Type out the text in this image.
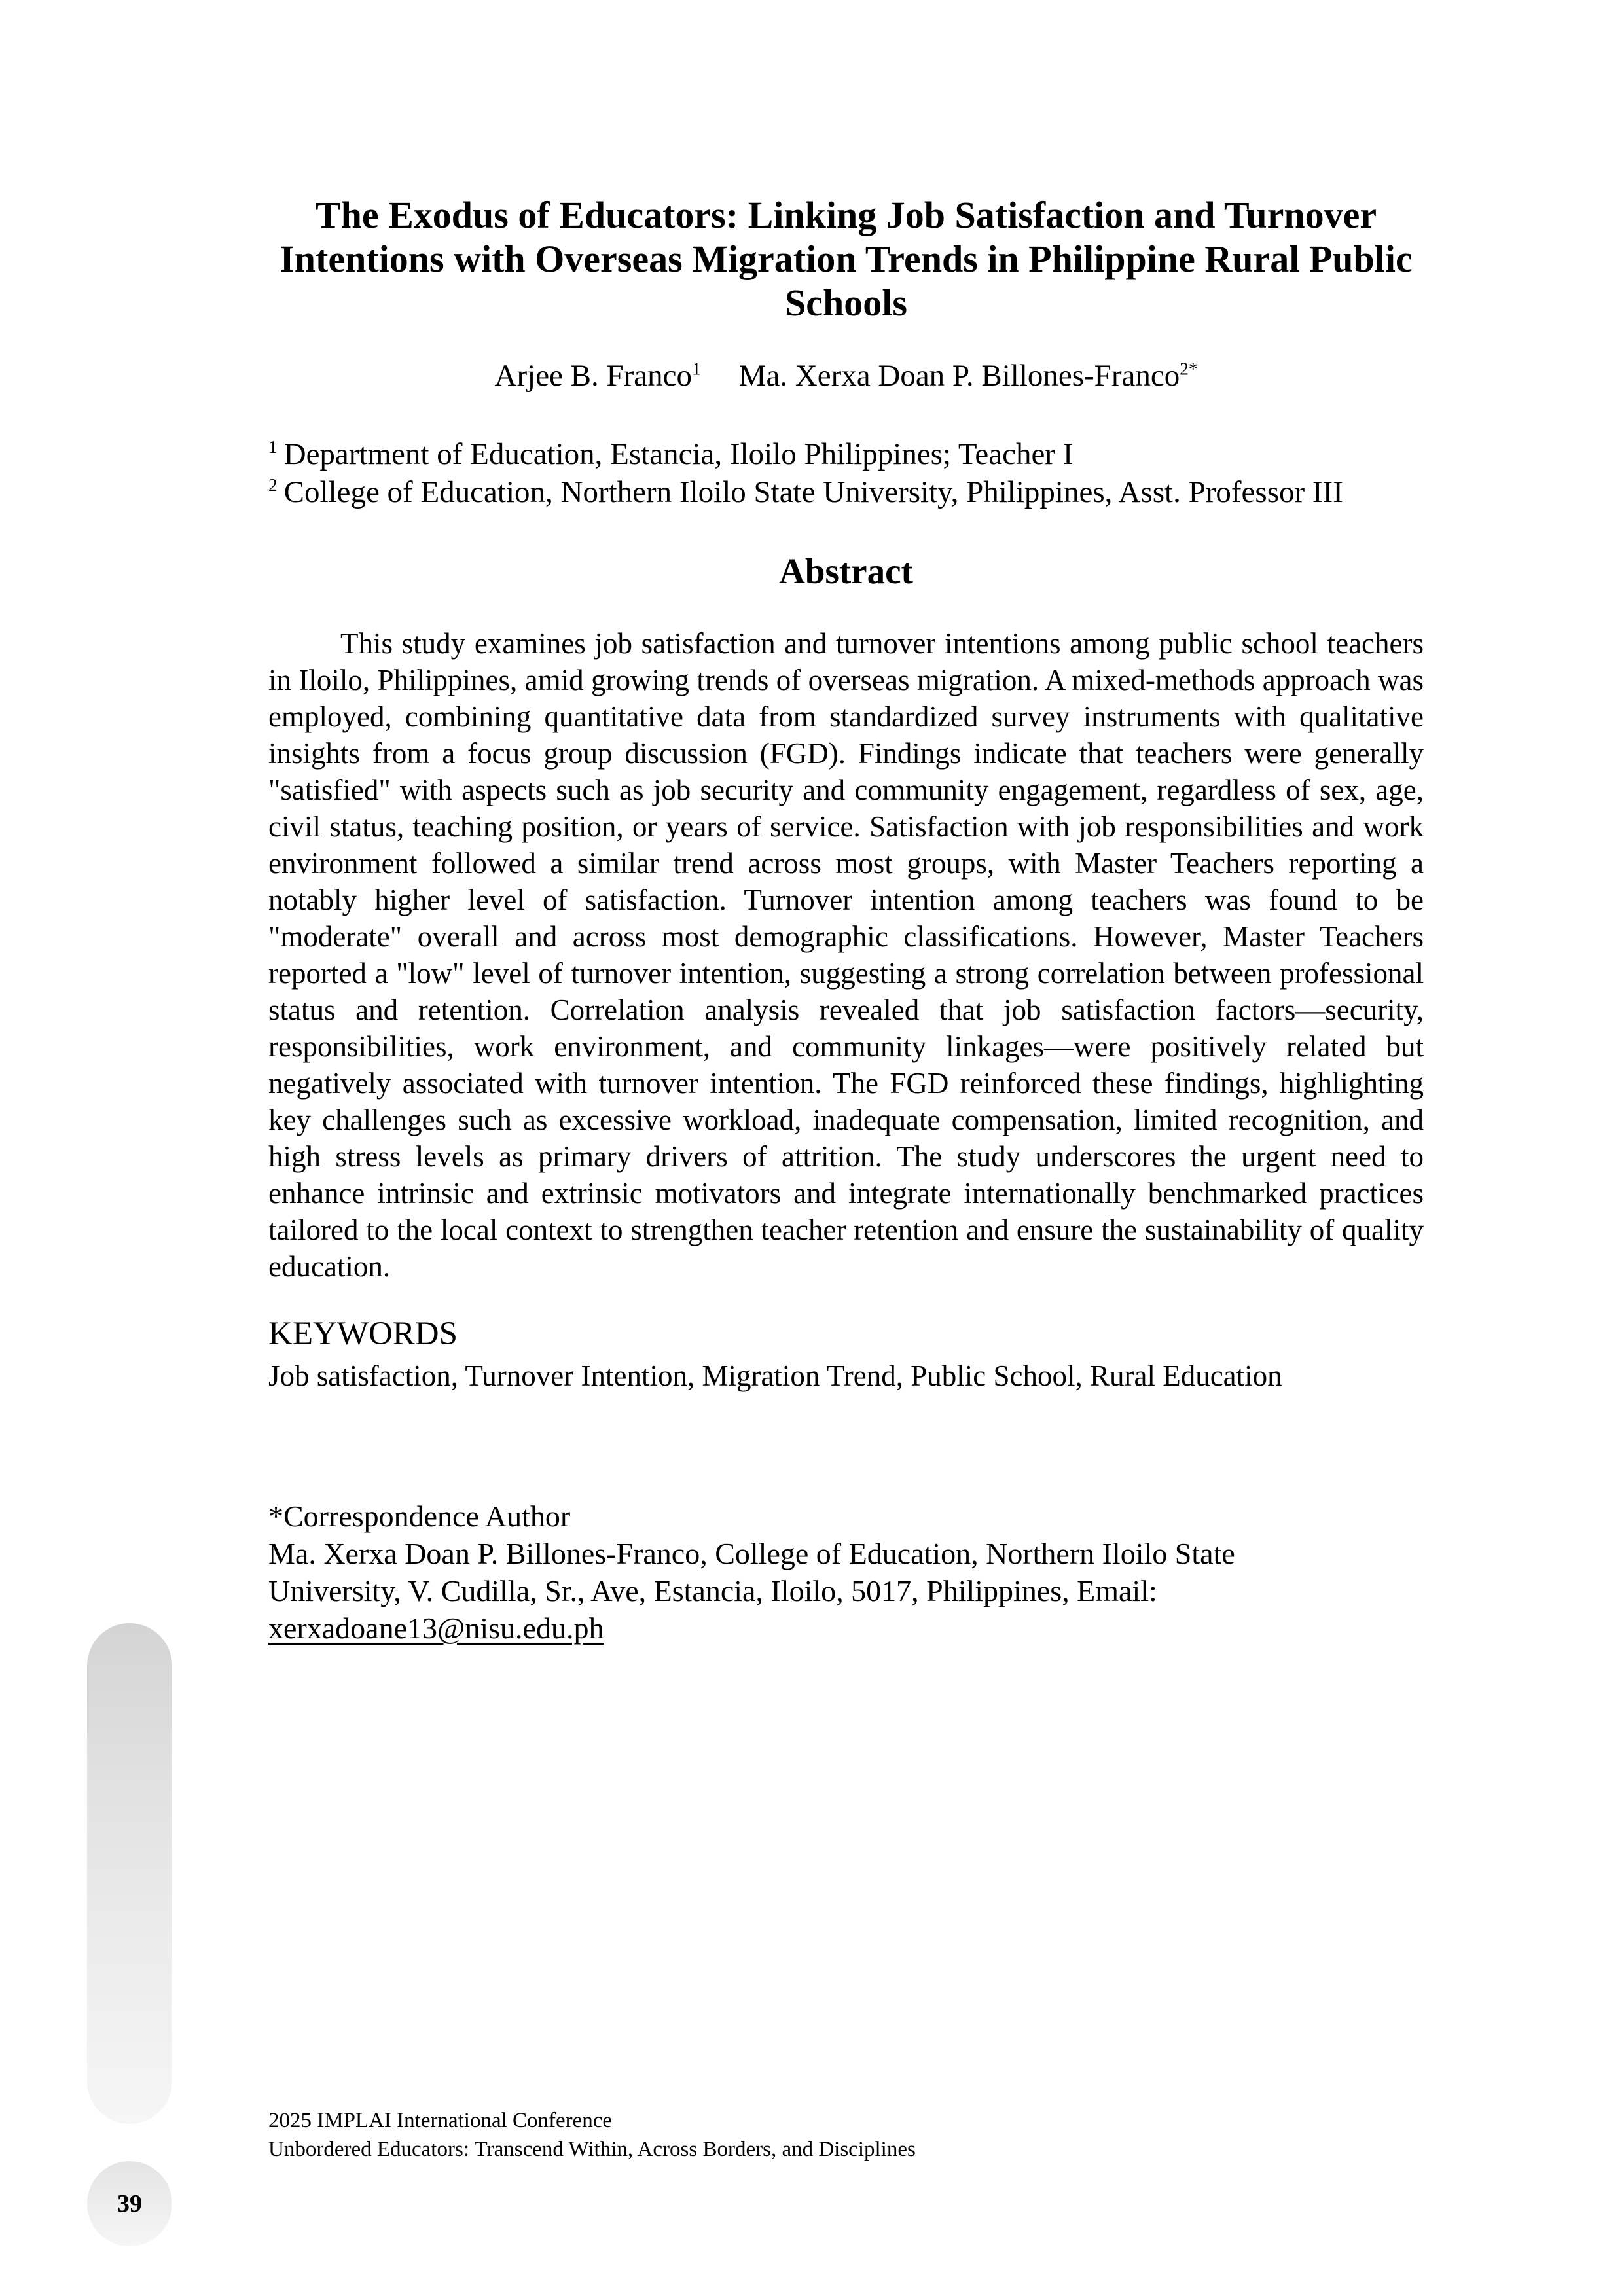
39
The Exodus of Educators: Linking Job Satisfaction and Turnover Intentions with Overseas Migration Trends in Philippine Rural Public Schools
Arjee B. Franco$^1$ Ma. Xerxa Doan P. Billones-Franco$^{2*}$
$^1$ Department of Education, Estancia, Iloilo Philippines; Teacher I
$^2$ College of Education, Northern Iloilo State University, Philippines, Asst. Professor III
Abstract

This study examines job satisfaction and turnover intentions among public school teachers in Iloilo, Philippines, amid growing trends of overseas migration. A mixed-methods approach was employed, combining quantitative data from standardized survey instruments with qualitative insights from a focus group discussion (FGD). Findings indicate that teachers were generally "satisfied" with aspects such as job security and community engagement, regardless of sex, age, civil status, teaching position, or years of service. Satisfaction with job responsibilities and work environment followed a similar trend across most groups, with Master Teachers reporting a notably higher level of satisfaction. Turnover intention among teachers was found to be "moderate" overall and across most demographic classifications. However, Master Teachers reported a "low" level of turnover intention, suggesting a strong correlation between professional status and retention. Correlation analysis revealed that job satisfaction factors—security, responsibilities, work environment, and community linkages—were positively related but negatively associated with turnover intention. The FGD reinforced these findings, highlighting key challenges such as excessive workload, inadequate compensation, limited recognition, and high stress levels as primary drivers of attrition. The study underscores the urgent need to enhance intrinsic and extrinsic motivators and integrate internationally benchmarked practices tailored to the local context to strengthen teacher retention and ensure the sustainability of quality education.

KEYWORDS
Job satisfaction, Turnover Intention, Migration Trend, Public School, Rural Education
*Correspondence Author
Ma. Xerxa Doan P. Billones-Franco, College of Education, Northern Iloilo State University, V. Cudilla, Sr., Ave, Estancia, Iloilo, 5017, Philippines, Email: xerxadoane13@nisu.edu.ph
2025 IMPLAI International Conference
Unbordered Educators: Transcend Within, Across Borders, and Disciplines
